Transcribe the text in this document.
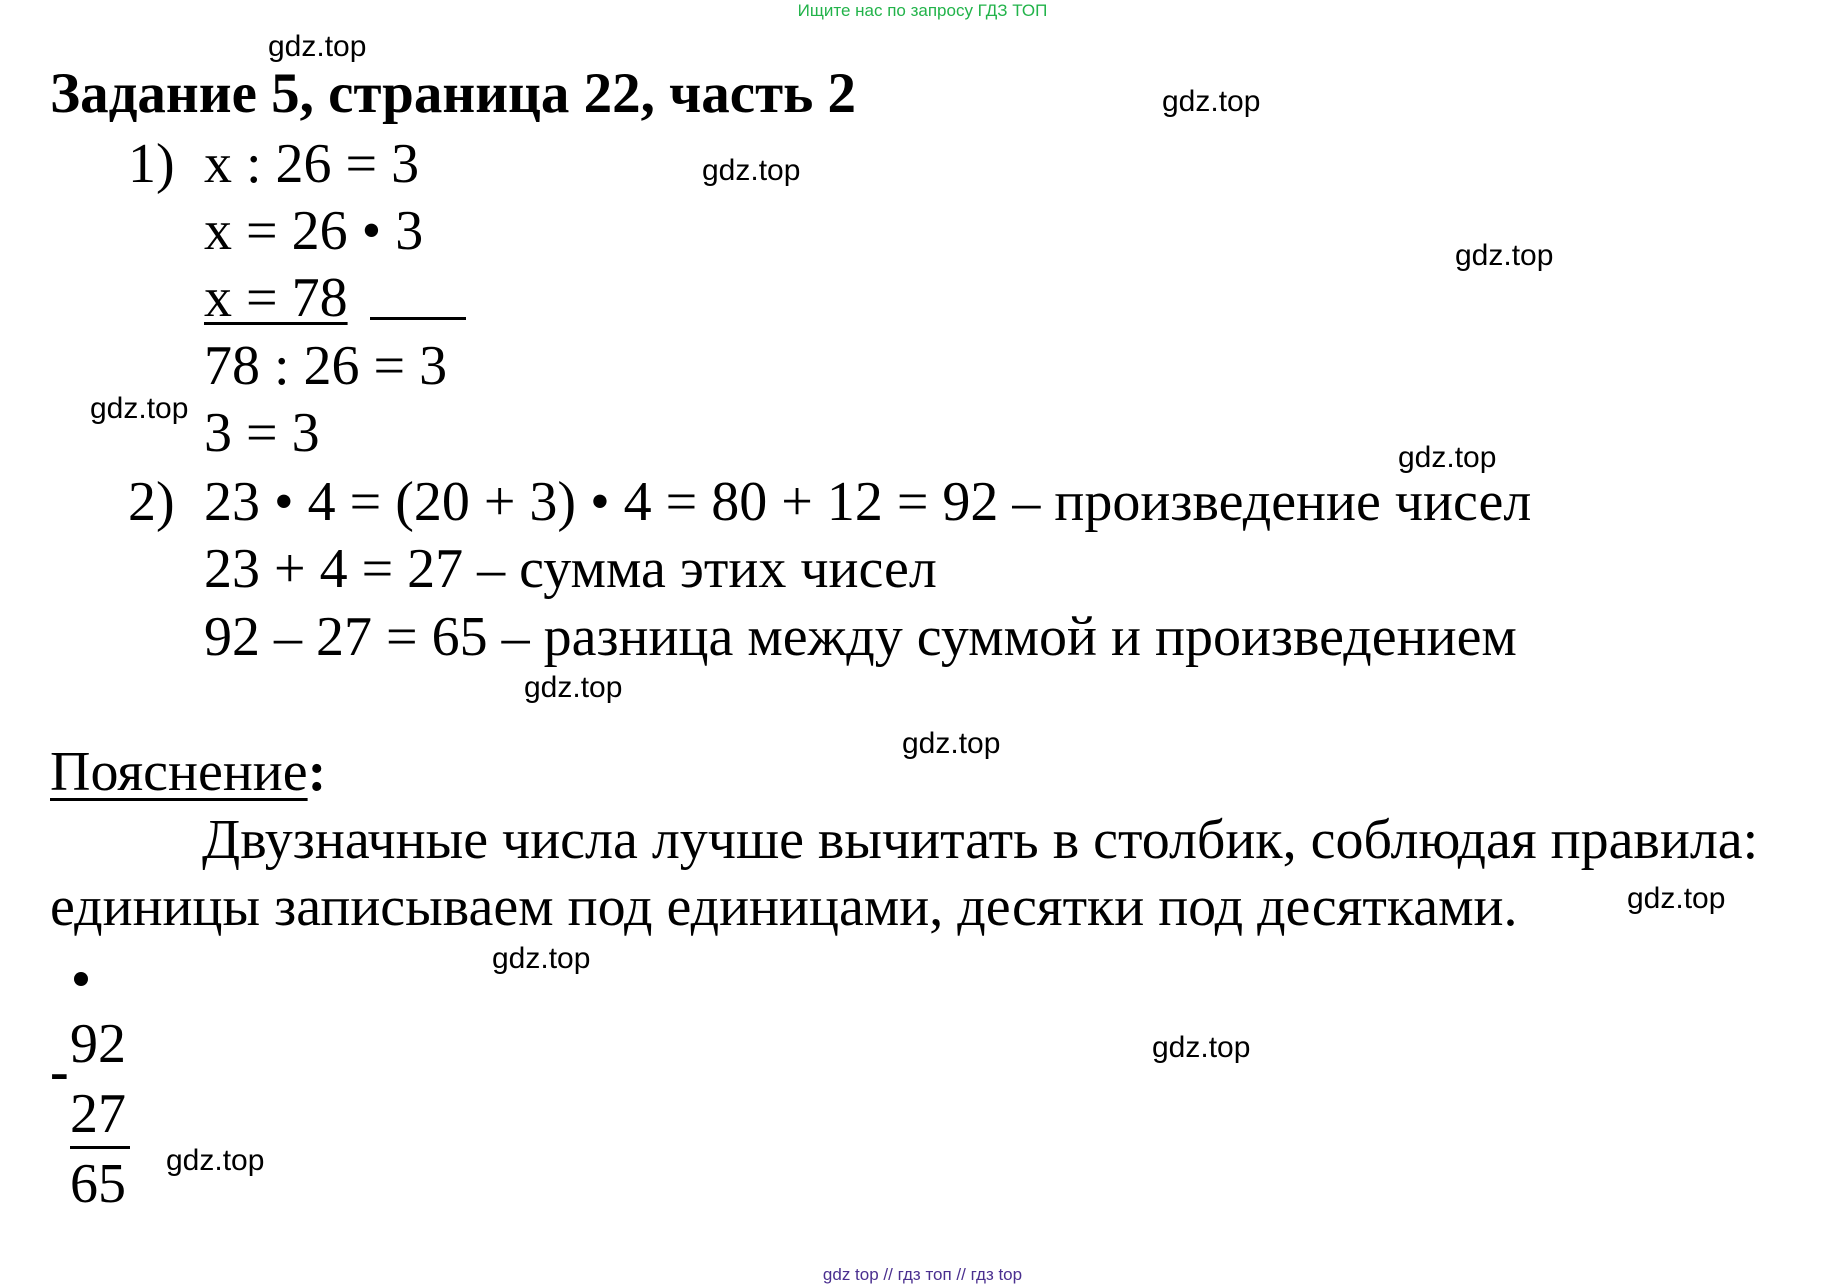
Ищите нас по запросу ГДЗ ТОП
Задание 5, страница 22, часть 2
1) x : 26 = 3
x = 26 • 3
x = 78
78 : 26 = 3
3 = 3
2) 23 • 4 = (20 + 3) • 4 = 80 + 12 = 92 – произведение чисел
23 + 4 = 27 – сумма этих чисел
92 – 27 = 65 – разница между суммой и произведением
Пояснение:
Двузначные числа лучше вычитать в столбик, соблюдая правила:
единицы записываем под единицами, десятки под десятками.
92
-
27
65
gdz.top
gdz.top
gdz.top
gdz.top
gdz.top
gdz.top
gdz.top
gdz.top
gdz.top
gdz.top
gdz.top
gdz.top
gdz top // гдз топ // гдз top
